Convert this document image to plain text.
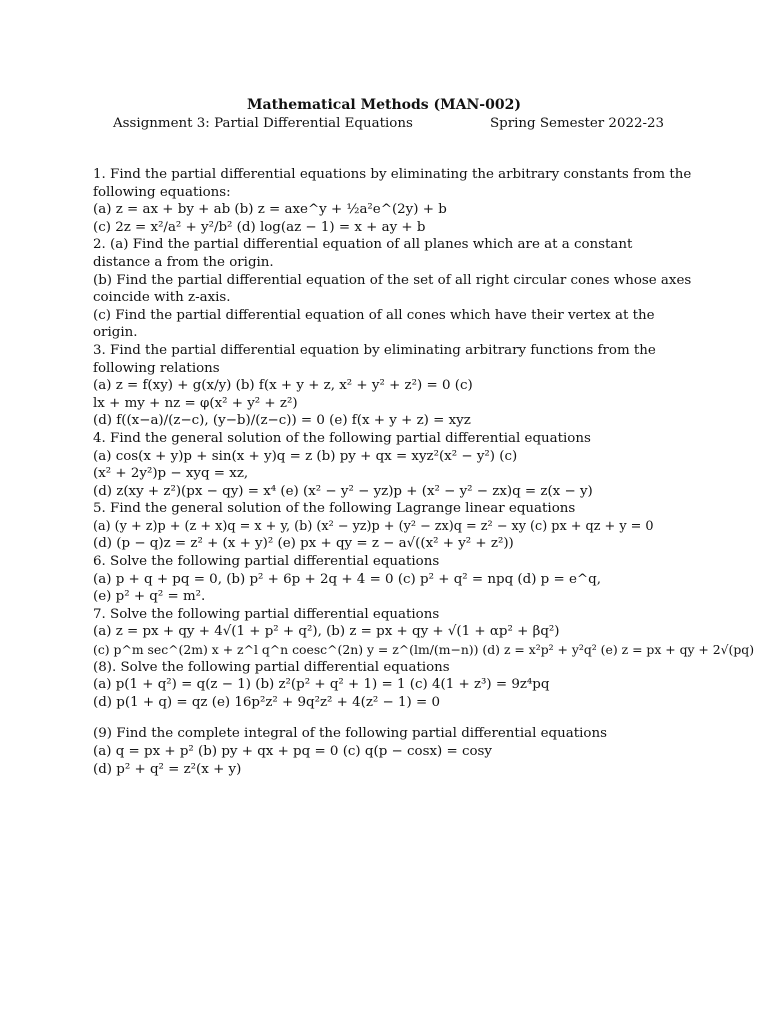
Mathematical Methods (MAN-002)
Assignment 3: Partial Differential Equations	Spring Semester 2022-23
1. Find the partial differential equations by eliminating the arbitrary constants from the following equations:
(a) z = ax + by + ab (b) z = axe^y + ½a²e^(2y) + b
(c) 2z = x²/a² + y²/b² (d) log(az − 1) = x + ay + b
2. (a) Find the partial differential equation of all planes which are at a constant distance a from the origin.
(b) Find the partial differential equation of the set of all right circular cones whose axes coincide with z-axis.
(c) Find the partial differential equation of all cones which have their vertex at the origin.
3. Find the partial differential equation by eliminating arbitrary functions from the following relations
(a) z = f(xy) + g(x/y) (b) f(x + y + z, x² + y² + z²) = 0 (c)
lx + my + nz = φ(x² + y² + z²)
(d) f((x−a)/(z−c), (y−b)/(z−c)) = 0 (e) f(x + y + z) = xyz
4. Find the general solution of the following partial differential equations
(a) cos(x + y)p + sin(x + y)q = z (b) py + qx = xyz²(x² − y²) (c)
(x² + 2y²)p − xyq = xz,
(d) z(xy + z²)(px − qy) = x⁴ (e) (x² − y² − yz)p + (x² − y² − zx)q = z(x − y)
5. Find the general solution of the following Lagrange linear equations
(a) (y + z)p + (z + x)q = x + y, (b) (x² − yz)p + (y² − zx)q = z² − xy (c) px + qz + y = 0
(d) (p − q)z = z² + (x + y)² (e) px + qy = z − a√((x² + y² + z²))
6. Solve the following partial differential equations
(a) p + q + pq = 0, (b) p² + 6p + 2q + 4 = 0 (c) p² + q² = npq (d) p = e^q,
(e) p² + q² = m².
7. Solve the following partial differential equations
(a) z = px + qy + 4√(1 + p² + q²), (b) z = px + qy + √(1 + αp² + βq²)
(c) p^m sec^(2m) x + z^l q^n coesc^(2n) y = z^(lm/(m−n)) (d) z = x²p² + y²q² (e) z = px + qy + 2√(pq)
(8). Solve the following partial differential equations
(a) p(1 + q²) = q(z − 1) (b) z²(p² + q² + 1) = 1 (c) 4(1 + z³) = 9z⁴pq
(d) p(1 + q) = qz (e) 16p²z² + 9q²z² + 4(z² − 1) = 0
(9) Find the complete integral of the following partial differential equations
(a) q = px + p² (b) py + qx + pq = 0 (c) q(p − cosx) = cosy
(d) p² + q² = z²(x + y)
